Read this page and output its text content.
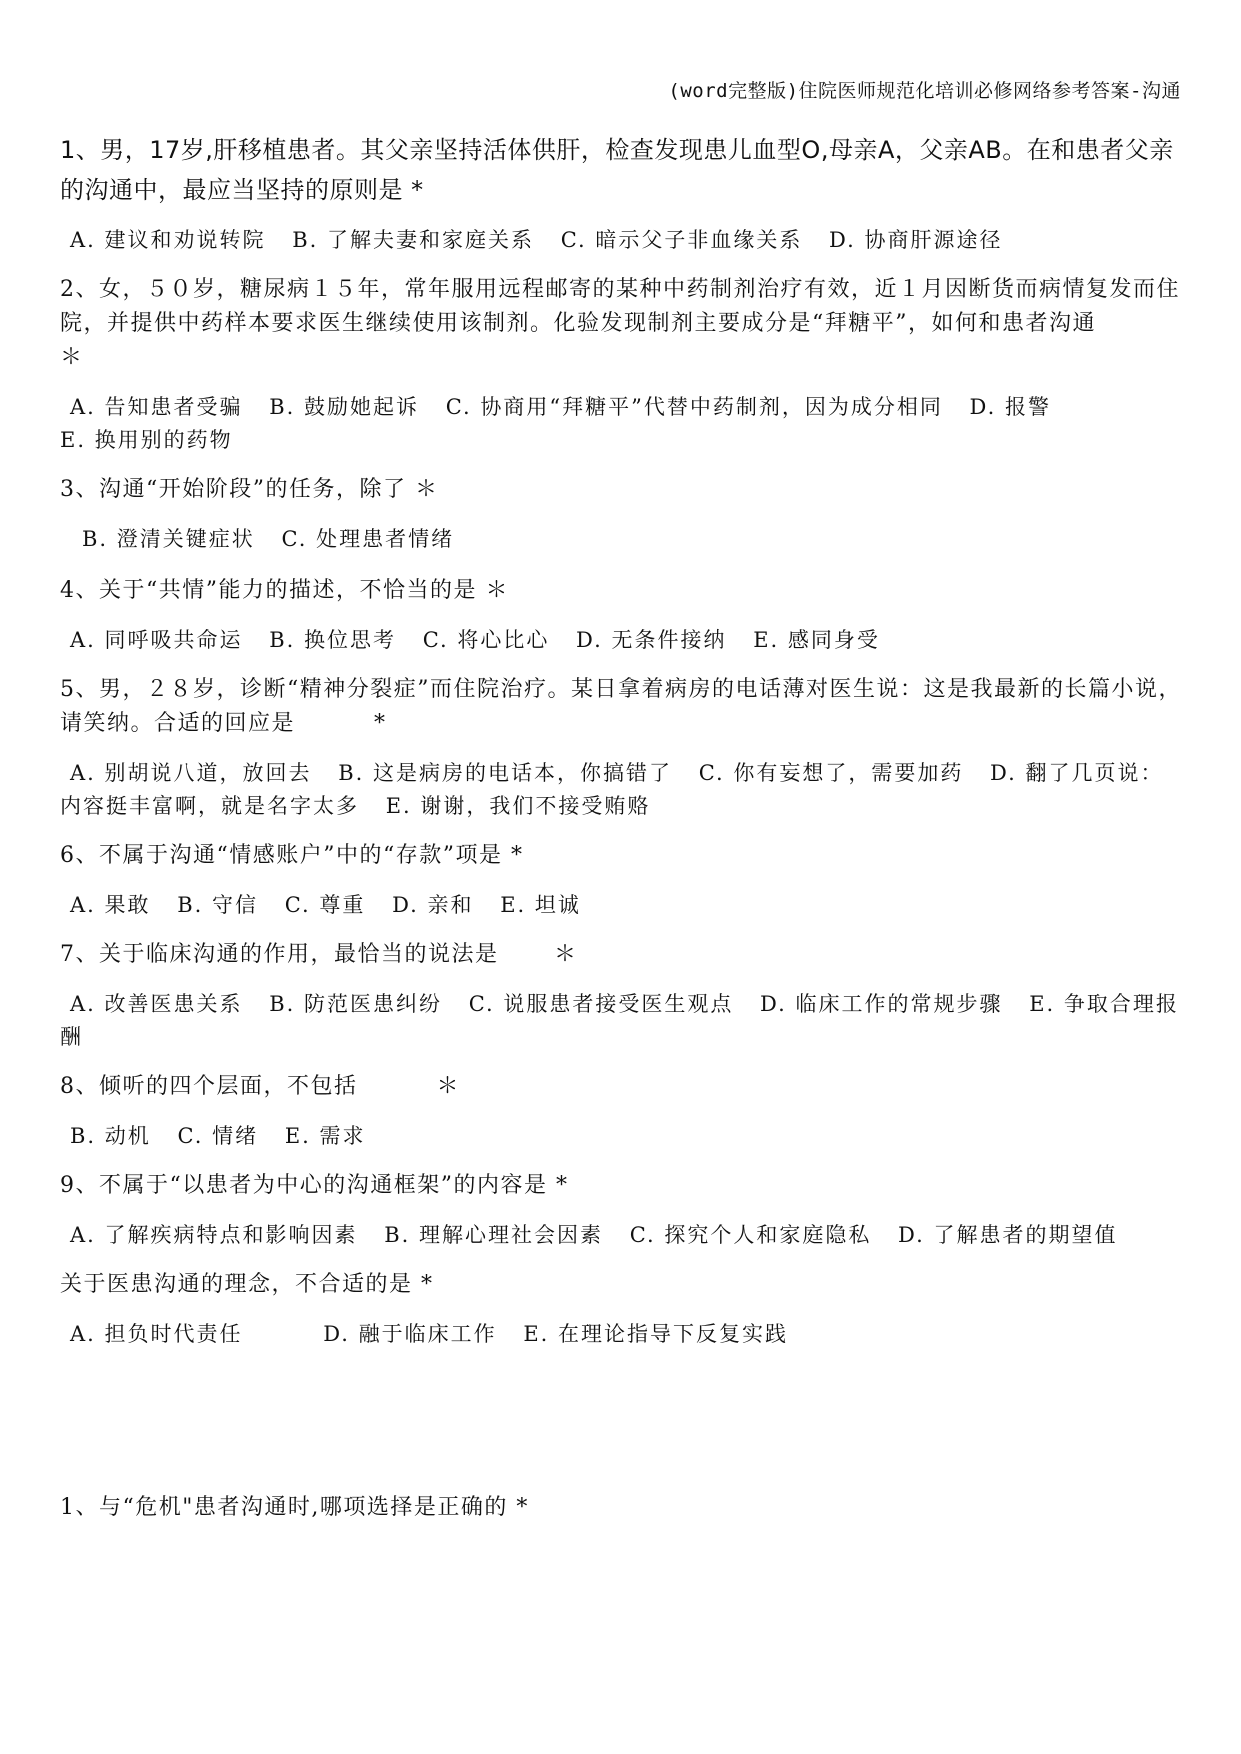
(word完整版)住院医师规范化培训必修网络参考答案-沟通

1、男，17岁,肝移植患者。其父亲坚持活体供肝，检查发现患儿血型O,母亲A，父亲AB。在和患者父亲的沟通中，最应当坚持的原则是 *

A. 建议和劝说转院 B. 了解夫妻和家庭关系 C. 暗示父子非血缘关系 D. 协商肝源途径

2、女，５０岁，糖尿病１５年，常年服用远程邮寄的某种中药制剂治疗有效，近１月因断货而病情复发而住院，并提供中药样本要求医生继续使用该制剂。化验发现制剂主要成分是“拜糖平”，如何和患者沟通　　　＊

A. 告知患者受骗 B. 鼓励她起诉 C. 协商用“拜糖平”代替中药制剂，因为成分相同 D. 报警 E. 换用别的药物

3、沟通“开始阶段”的任务，除了 ＊

B. 澄清关键症状 C. 处理患者情绪

4、关于“共情”能力的描述，不恰当的是 ＊

A. 同呼吸共命运 B. 换位思考 C. 将心比心 D. 无条件接纳 E. 感同身受

5、男，２８岁，诊断“精神分裂症”而住院治疗。某日拿着病房的电话薄对医生说：这是我最新的长篇小说，请笑纳。合适的回应是　　　 *

A. 别胡说八道，放回去 B. 这是病房的电话本，你搞错了 C. 你有妄想了，需要加药 D. 翻了几页说：内容挺丰富啊，就是名字太多 E. 谢谢，我们不接受贿赂

6、不属于沟通“情感账户”中的“存款”项是 *

A. 果敢 B. 守信 C. 尊重 D. 亲和 E. 坦诚

7、关于临床沟通的作用，最恰当的说法是　　 ＊

A. 改善医患关系 B. 防范医患纠纷 C. 说服患者接受医生观点 D. 临床工作的常规步骤 E. 争取合理报酬

8、倾听的四个层面，不包括　　　 ＊

B. 动机 C. 情绪 E. 需求

9、不属于“以患者为中心的沟通框架”的内容是 *

A. 了解疾病特点和影响因素 B. 理解心理社会因素 C. 探究个人和家庭隐私 D. 了解患者的期望值

关于医患沟通的理念，不合适的是 *

A. 担负时代责任	D. 融于临床工作 E. 在理论指导下反复实践

1、与“危机"患者沟通时,哪项选择是正确的 *
